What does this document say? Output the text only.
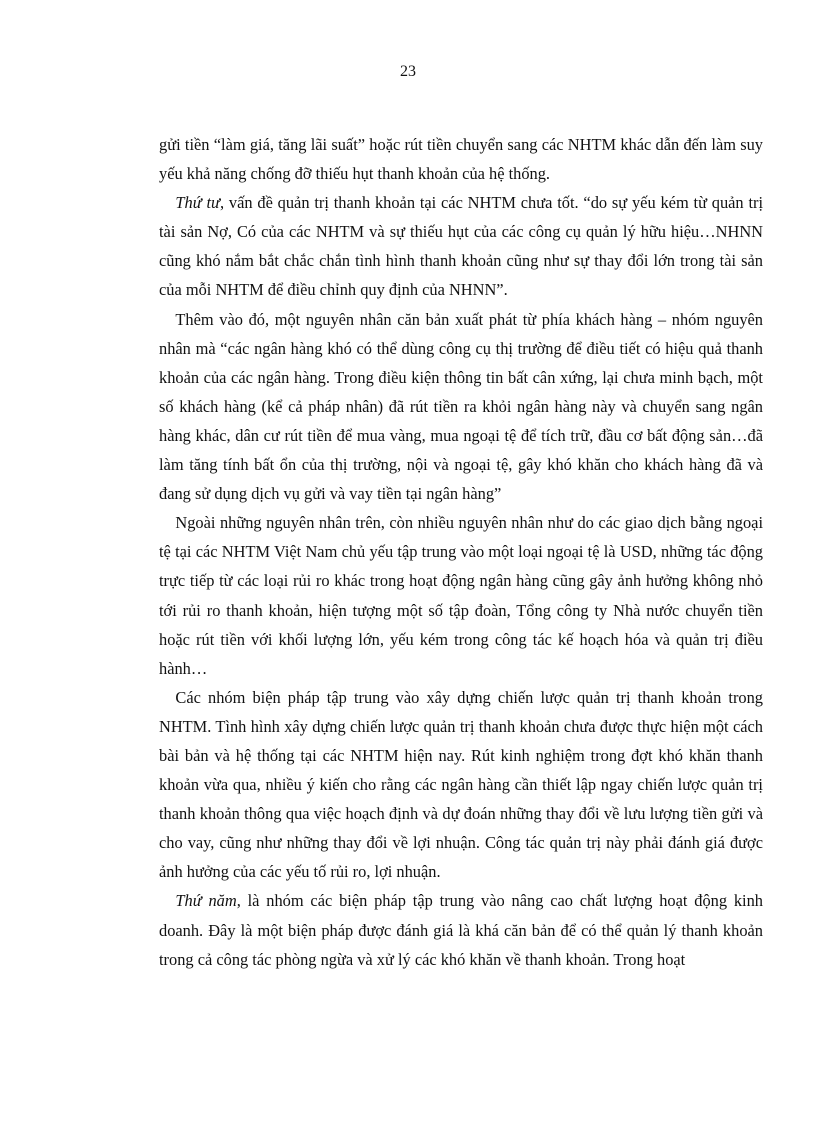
23

gửi tiền “làm giá, tăng lãi suất” hoặc rút tiền chuyển sang các NHTM khác dẫn đến làm suy yếu khả năng chống đỡ thiếu hụt thanh khoản của hệ thống.

Thứ tư, vấn đề quản trị thanh khoản tại các NHTM chưa tốt. “do sự yếu kém từ quản trị tài sản Nợ, Có của các NHTM và sự thiếu hụt của các công cụ quản lý hữu hiệu…NHNN cũng khó nắm bắt chắc chắn tình hình thanh khoản cũng như sự thay đổi lớn trong tài sản của mỗi NHTM để điều chỉnh quy định của NHNN”.

Thêm vào đó, một nguyên nhân căn bản xuất phát từ phía khách hàng – nhóm nguyên nhân mà “các ngân hàng khó có thể dùng công cụ thị trường để điều tiết có hiệu quả thanh khoản của các ngân hàng. Trong điều kiện thông tin bất cân xứng, lại chưa minh bạch, một số khách hàng (kể cả pháp nhân) đã rút tiền ra khỏi ngân hàng này và chuyển sang ngân hàng khác, dân cư rút tiền để mua vàng, mua ngoại tệ để tích trữ, đầu cơ bất động sản…đã làm tăng tính bất ổn của thị trường, nội và ngoại tệ, gây khó khăn cho khách hàng đã và đang sử dụng dịch vụ gửi và vay tiền tại ngân hàng”

Ngoài những nguyên nhân trên, còn nhiều nguyên nhân như do các giao dịch bằng ngoại tệ tại các NHTM Việt Nam chủ yếu tập trung vào một loại ngoại tệ là USD, những tác động trực tiếp từ các loại rủi ro khác trong hoạt động ngân hàng cũng gây ảnh hưởng không nhỏ tới rủi ro thanh khoản, hiện tượng một số tập đoàn, Tổng công ty Nhà nước chuyển tiền hoặc rút tiền với khối lượng lớn, yếu kém trong công tác kế hoạch hóa và quản trị điều hành…

Các nhóm biện pháp tập trung vào xây dựng chiến lược quản trị thanh khoản trong NHTM. Tình hình xây dựng chiến lược quản trị thanh khoản chưa được thực hiện một cách bài bản và hệ thống tại các NHTM hiện nay. Rút kinh nghiệm trong đợt khó khăn thanh khoản vừa qua, nhiều ý kiến cho rằng các ngân hàng cần thiết lập ngay chiến lược quản trị thanh khoản thông qua việc hoạch định và dự đoán những thay đổi về lưu lượng tiền gửi và cho vay, cũng như những thay đổi về lợi nhuận. Công tác quản trị này phải đánh giá được ảnh hưởng của các yếu tố rủi ro, lợi nhuận.

Thứ năm, là nhóm các biện pháp tập trung vào nâng cao chất lượng hoạt động kinh doanh. Đây là một biện pháp được đánh giá là khá căn bản để có thể quản lý thanh khoản trong cả công tác phòng ngừa và xử lý các khó khăn về thanh khoản. Trong hoạt
